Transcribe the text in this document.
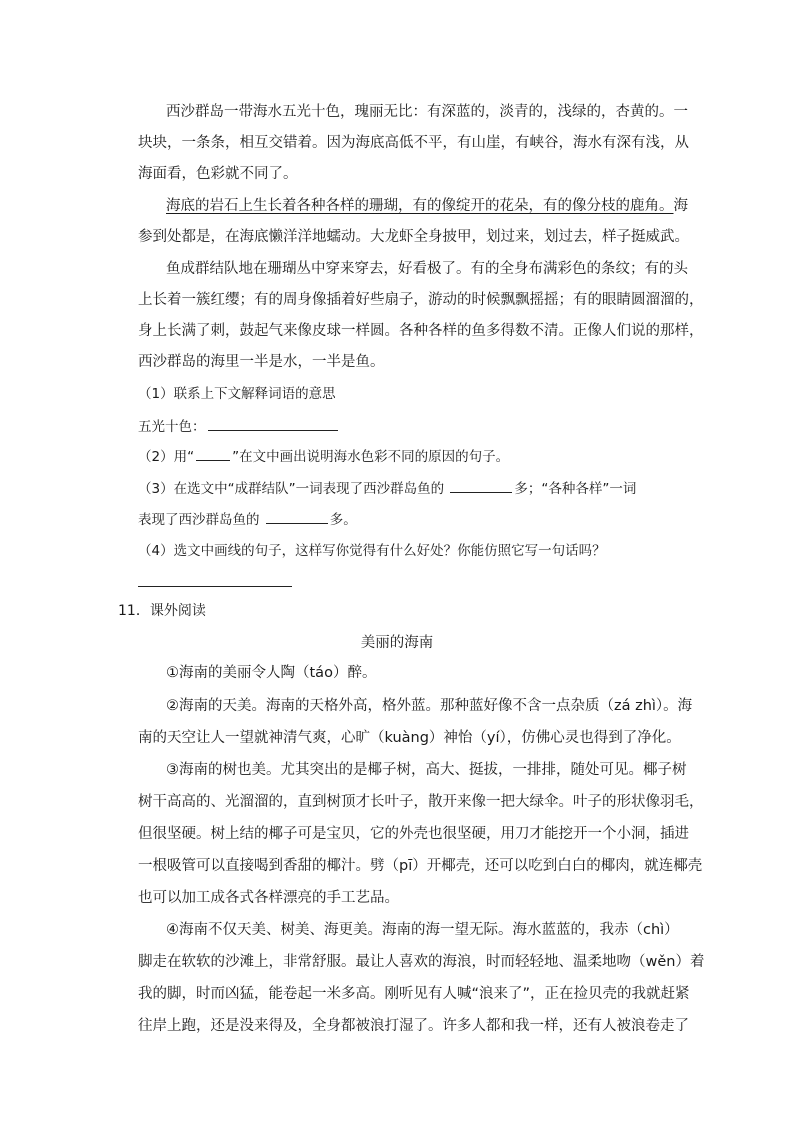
西沙群岛一带海水五光十色，瑰丽无比：有深蓝的，淡青的，浅绿的，杏黄的。一
块块，一条条，相互交错着。因为海底高低不平，有山崖，有峡谷，海水有深有浅，从
海面看，色彩就不同了。
海底的岩石上生长着各种各样的珊瑚，有的像绽开的花朵，有的像分枝的鹿角。海
参到处都是，在海底懒洋洋地蠕动。大龙虾全身披甲，划过来，划过去，样子挺威武。
鱼成群结队地在珊瑚丛中穿来穿去，好看极了。有的全身布满彩色的条纹；有的头
上长着一簇红缨；有的周身像插着好些扇子，游动的时候飘飘摇摇；有的眼睛圆溜溜的，
身上长满了刺，鼓起气来像皮球一样圆。各种各样的鱼多得数不清。正像人们说的那样，
西沙群岛的海里一半是水，一半是鱼。
（1）联系上下文解释词语的意思
五光十色：
（2）用“	”在文中画出说明海水色彩不同的原因的句子。
（3）在选文中“成群结队”一词表现了西沙群岛鱼的	多；“各种各样”一词
表现了西沙群岛鱼的	多。
（4）选文中画线的句子，这样写你觉得有什么好处？你能仿照它写一句话吗？
11．课外阅读
美丽的海南
①海南的美丽令人陶（táo）醉。
②海南的天美。海南的天格外高，格外蓝。那种蓝好像不含一点杂质（zá zhì）。海
南的天空让人一望就神清气爽，心旷（kuàng）神怡（yí），仿佛心灵也得到了净化。
③海南的树也美。尤其突出的是椰子树，高大、挺拔，一排排，随处可见。椰子树
树干高高的、光溜溜的，直到树顶才长叶子，散开来像一把大绿伞。叶子的形状像羽毛，
但很坚硬。树上结的椰子可是宝贝，它的外壳也很坚硬，用刀才能挖开一个小洞，插进
一根吸管可以直接喝到香甜的椰汁。劈（pī）开椰壳，还可以吃到白白的椰肉，就连椰壳
也可以加工成各式各样漂亮的手工艺品。
④海南不仅天美、树美、海更美。海南的海一望无际。海水蓝蓝的，我赤（chì）
脚走在软软的沙滩上，非常舒服。最让人喜欢的海浪，时而轻轻地、温柔地吻（wěn）着
我的脚，时而凶猛，能卷起一米多高。刚听见有人喊“浪来了”，正在捡贝壳的我就赶紧
往岸上跑，还是没来得及，全身都被浪打湿了。许多人都和我一样，还有人被浪卷走了
